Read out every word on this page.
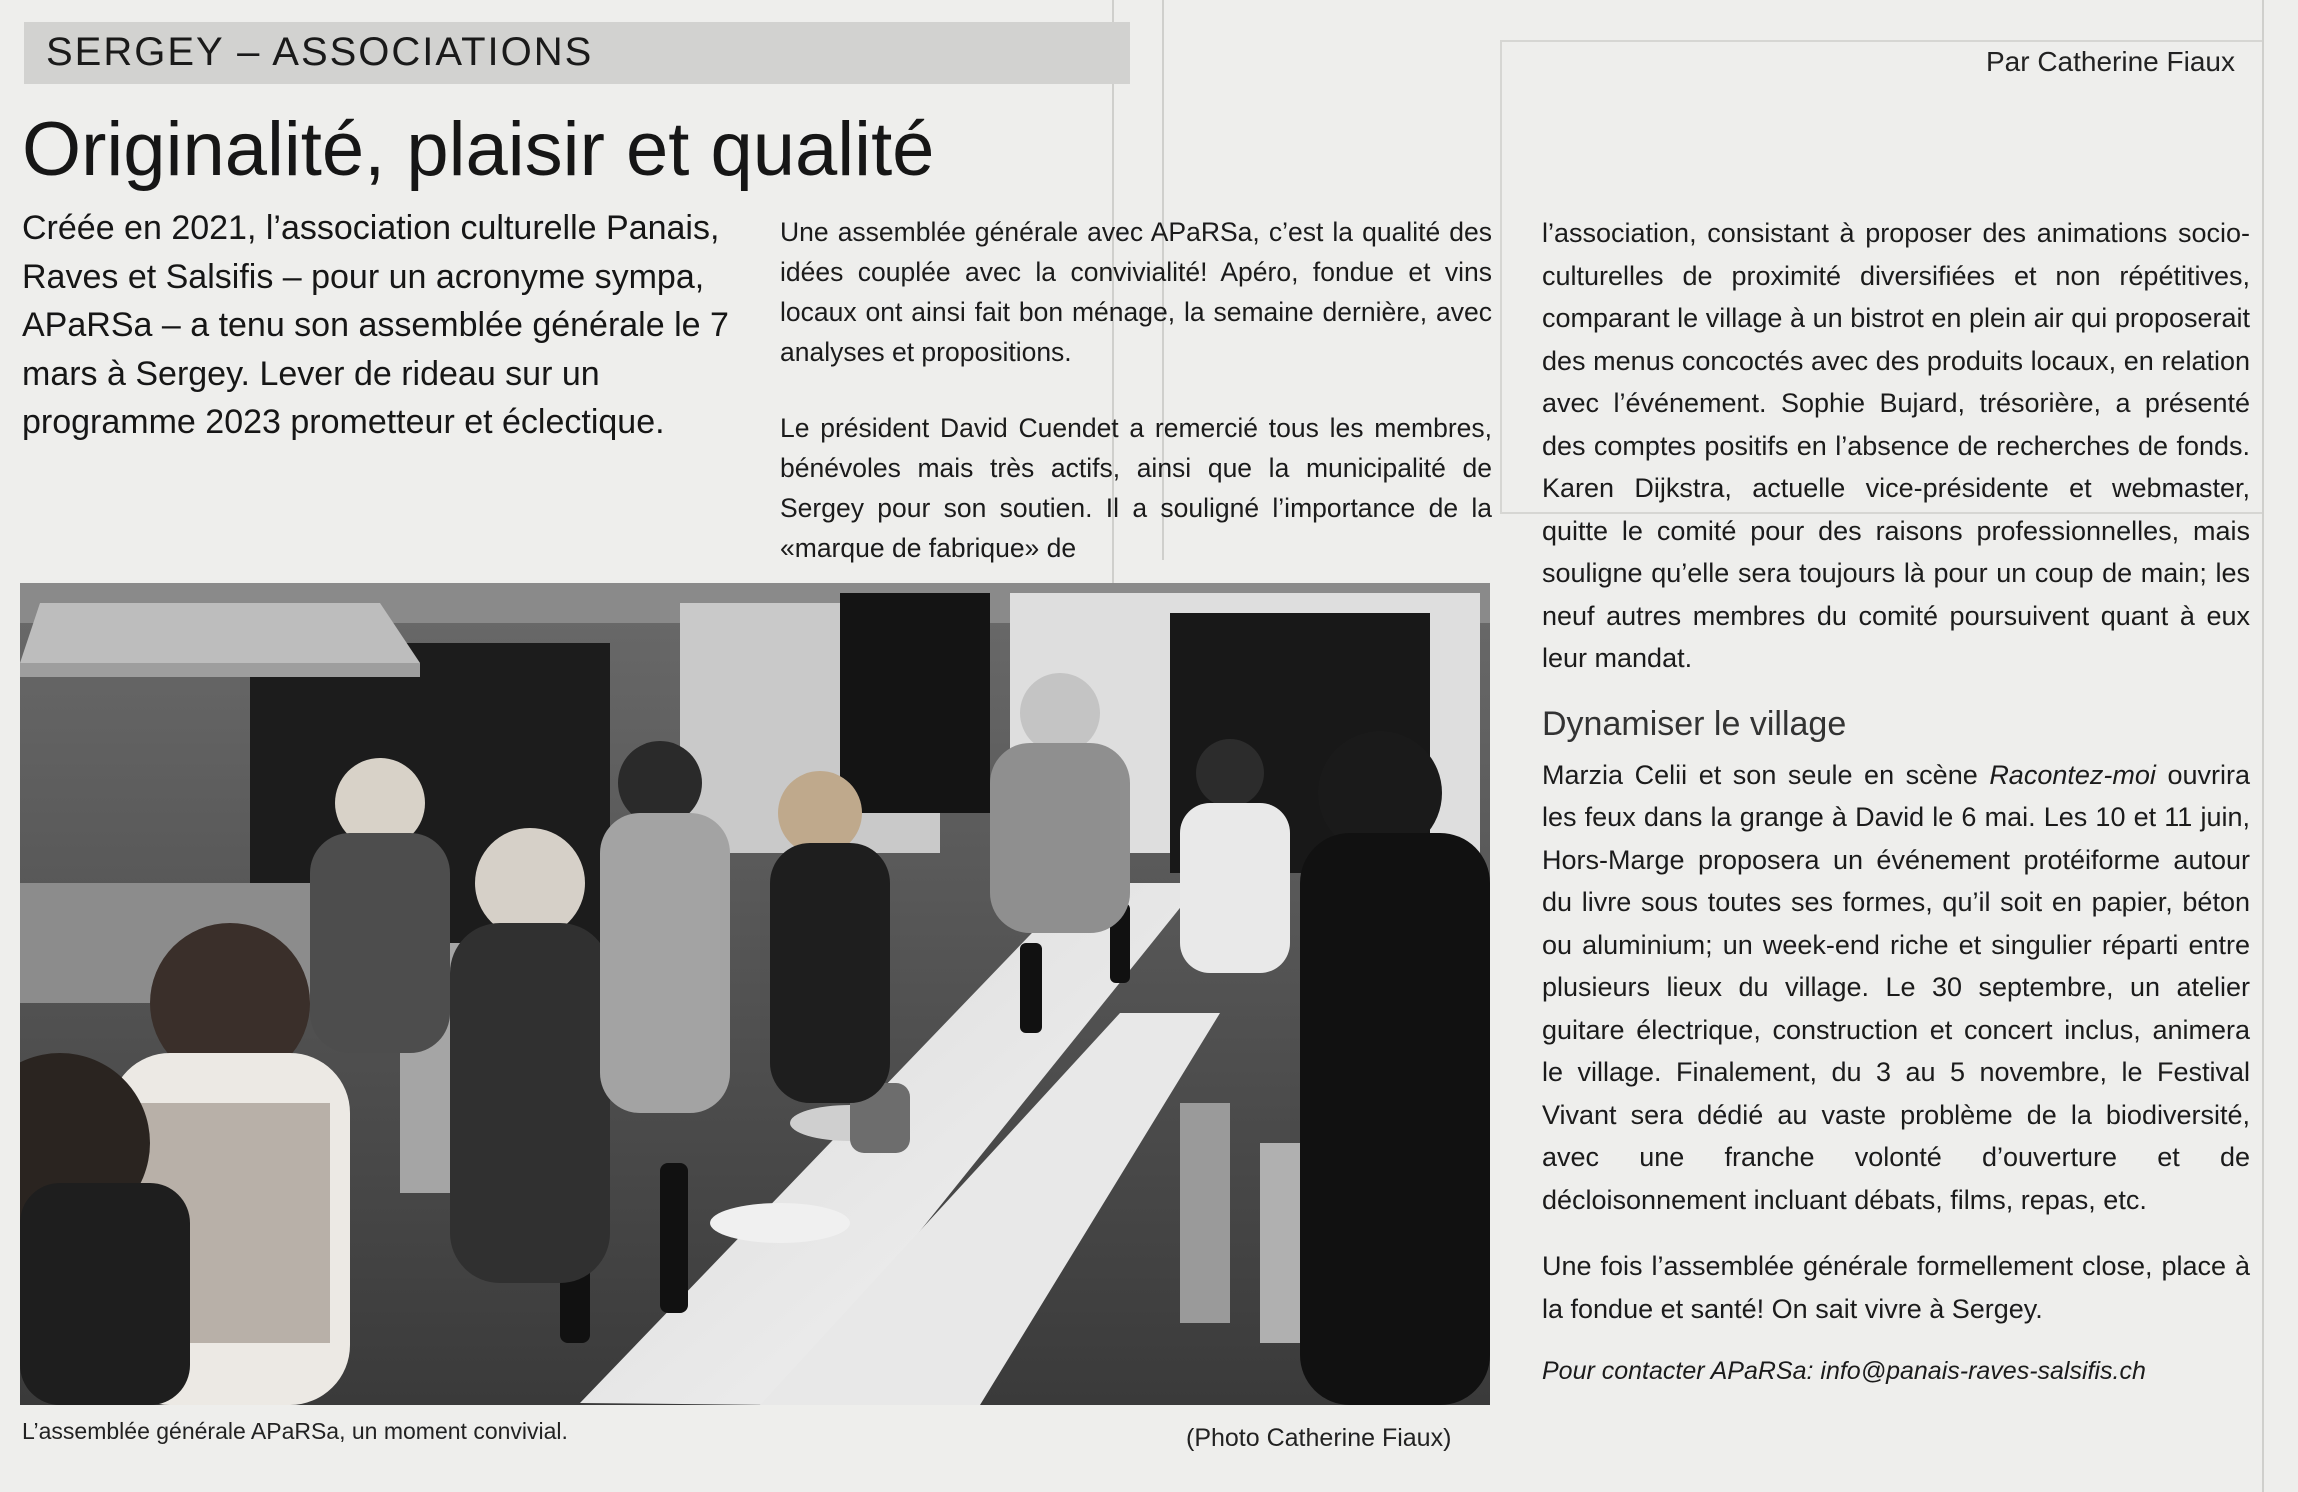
SERGEY – ASSOCIATIONS	Par Catherine Fiaux
Originalité, plaisir et qualité

Créée en 2021, l’association culturelle Panais, Raves et Salsifis – pour un acronyme sympa, APaRSa – a tenu son assemblée générale le 7 mars à Sergey. Lever de rideau sur un programme 2023 prometteur et éclectique.

Une assemblée générale avec APaRSa, c’est la qualité des idées couplée avec la convivialité! Apéro, fondue et vins locaux ont ainsi fait bon ménage, la semaine dernière, avec analyses et propositions.

Le président David Cuendet a remercié tous les membres, bénévoles mais très actifs, ainsi que la municipalité de Sergey pour son soutien. Il a souligné l’importance de la «marque de fabrique» de

l’association, consistant à proposer des animations socio-culturelles de proximité diversifiées et non répétitives, comparant le village à un bistrot en plein air qui proposerait des menus concoctés avec des produits locaux, en relation avec l’événement. Sophie Bujard, trésorière, a présenté des comptes positifs en l’absence de recherches de fonds. Karen Dijkstra, actuelle vice-présidente et webmaster, quitte le comité pour des raisons professionnelles, mais souligne qu’elle sera toujours là pour un coup de main; les neuf autres membres du comité poursuivent quant à eux leur mandat.

Dynamiser le village

Marzia Celii et son seule en scène Racontez-moi ouvrira les feux dans la grange à David le 6 mai. Les 10 et 11 juin, Hors-Marge proposera un événement protéiforme autour du livre sous toutes ses formes, qu’il soit en papier, béton ou aluminium; un week-end riche et singulier réparti entre plusieurs lieux du village. Le 30 septembre, un atelier guitare électrique, construction et concert inclus, animera le village. Finalement, du 3 au 5 novembre, le Festival Vivant sera dédié au vaste problème de la biodiversité, avec une franche volonté d’ouverture et de décloisonnement incluant débats, films, repas, etc.

Une fois l’assemblée générale formellement close, place à la fondue et santé! On sait vivre à Sergey.

Pour contacter APaRSa: info@panais-raves-salsifis.ch

L’assemblée générale APaRSa, un moment convivial.	(Photo Catherine Fiaux)
